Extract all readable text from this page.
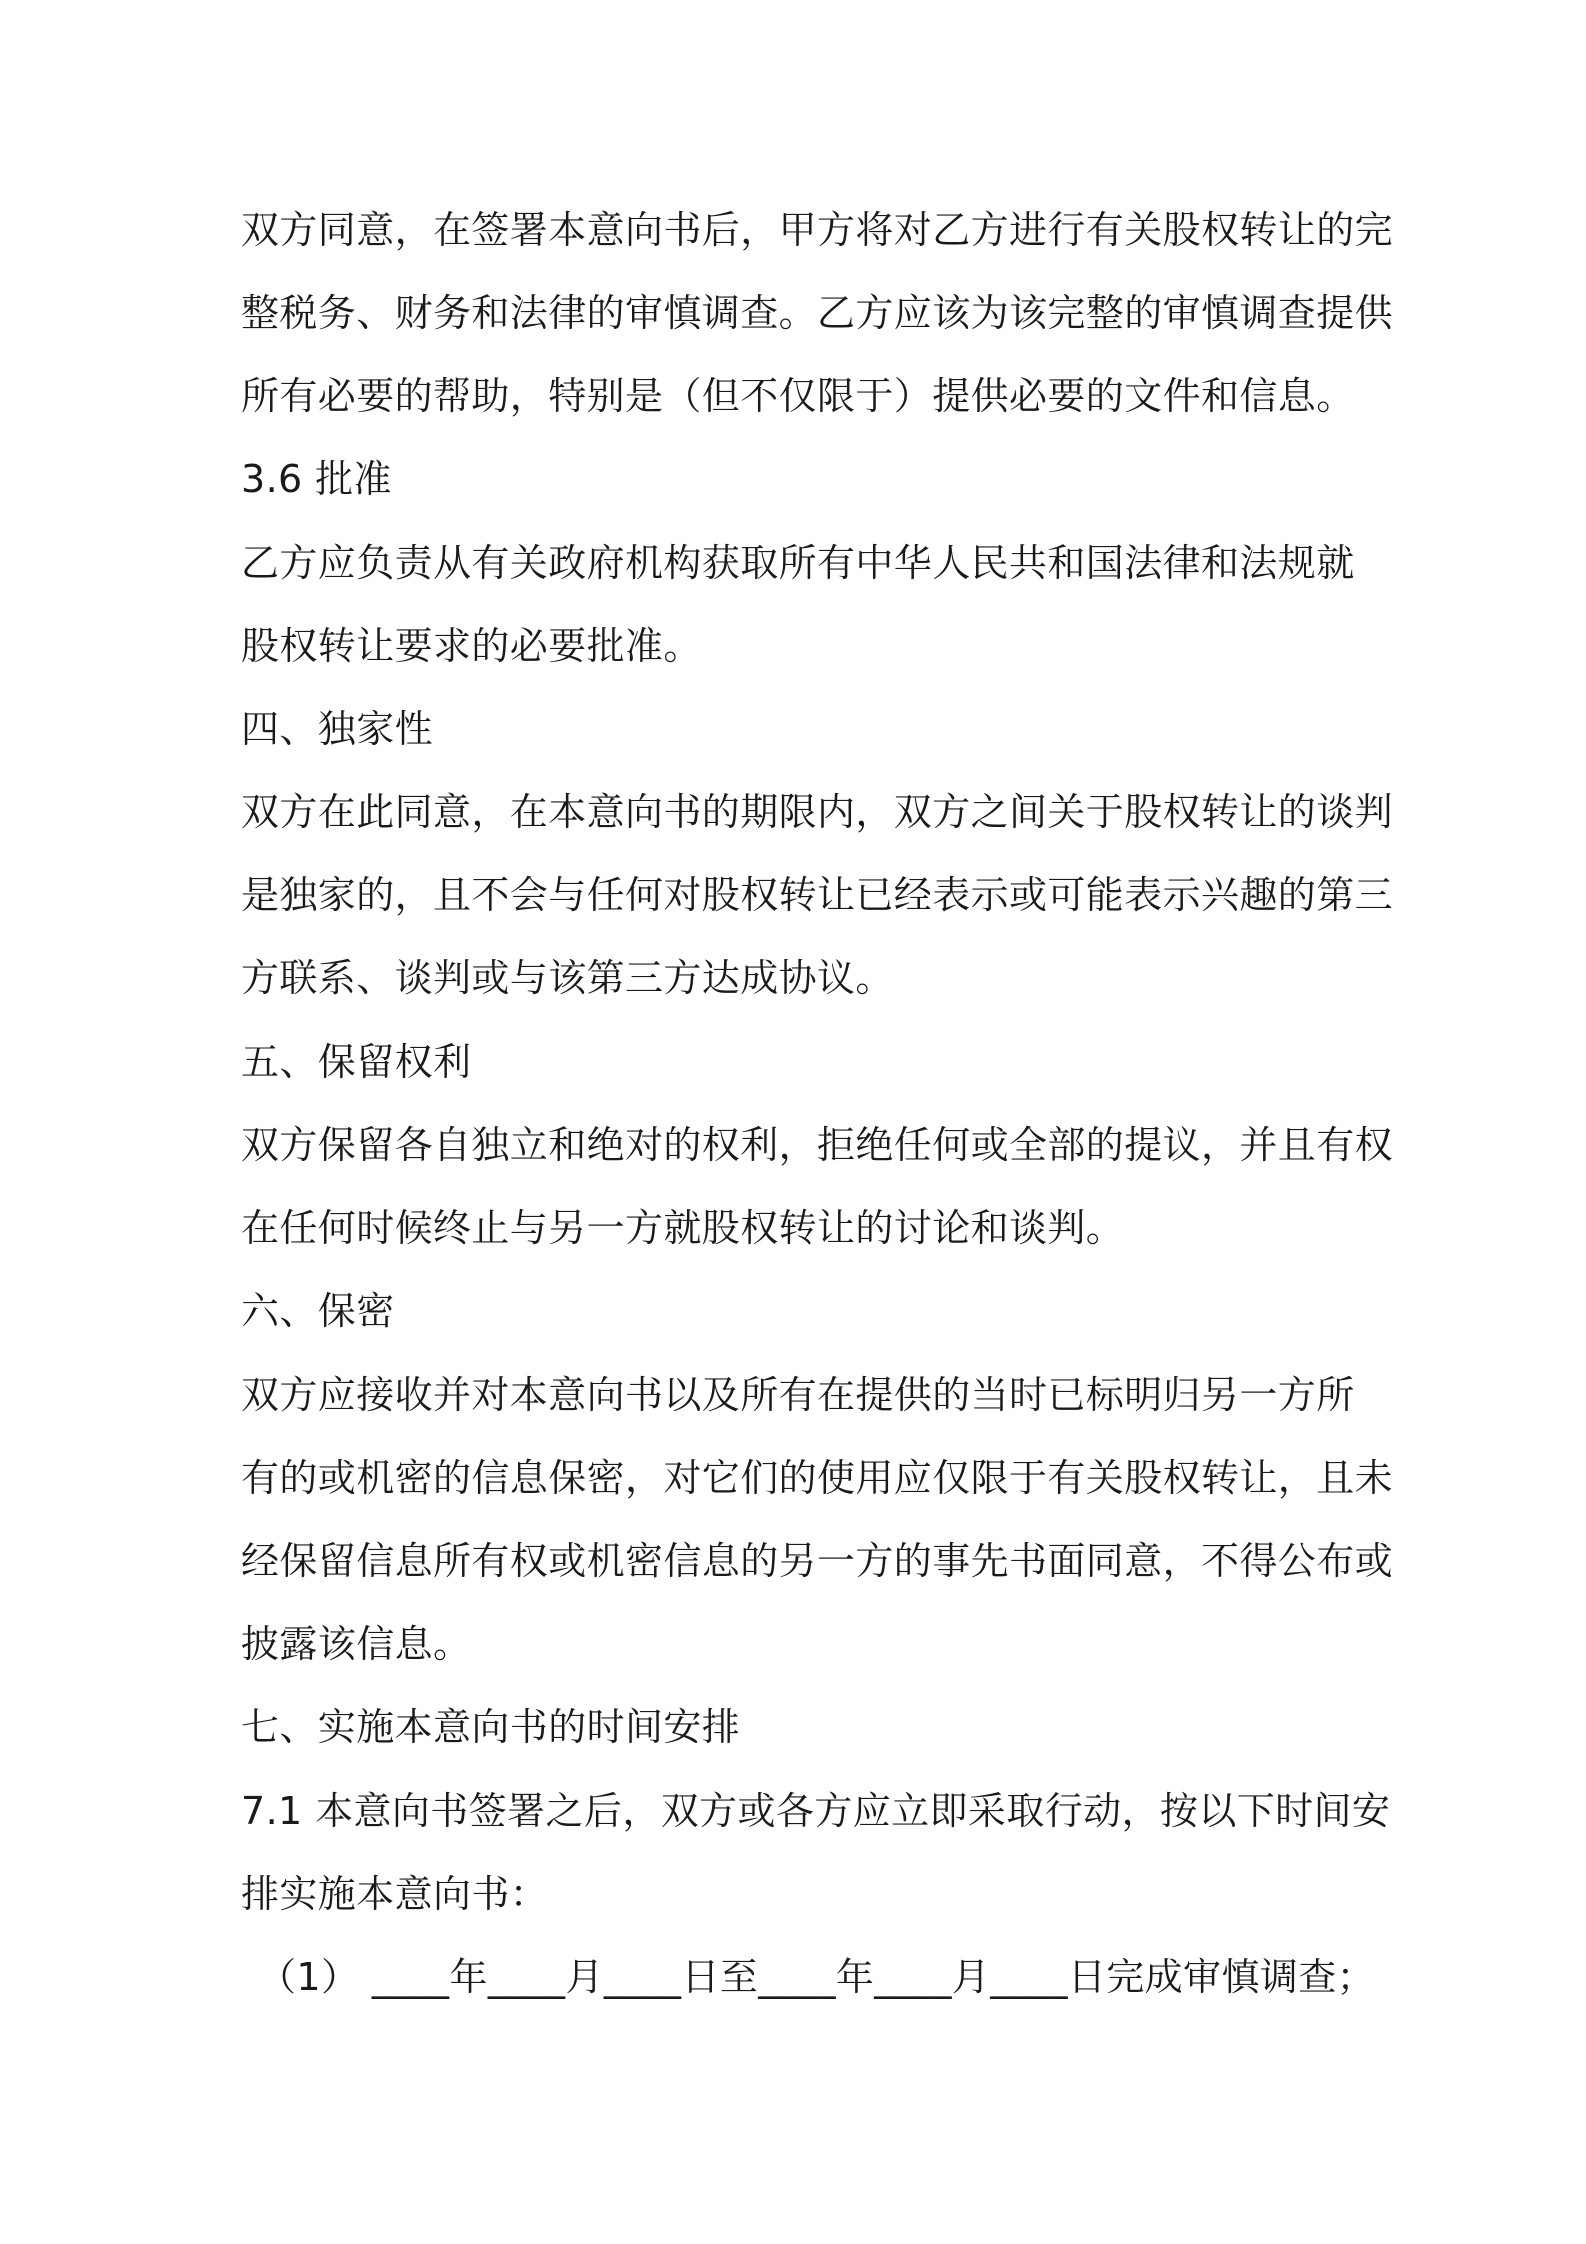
双方同意，在签署本意向书后，甲方将对乙方进行有关股权转让的完
整税务、财务和法律的审慎调查。乙方应该为该完整的审慎调查提供
所有必要的帮助，特别是（但不仅限于）提供必要的文件和信息。
3.6 批准
乙方应负责从有关政府机构获取所有中华人民共和国法律和法规就
股权转让要求的必要批准。
四、独家性
双方在此同意，在本意向书的期限内，双方之间关于股权转让的谈判
是独家的，且不会与任何对股权转让已经表示或可能表示兴趣的第三
方联系、谈判或与该第三方达成协议。
五、保留权利
双方保留各自独立和绝对的权利，拒绝任何或全部的提议，并且有权
在任何时候终止与另一方就股权转让的讨论和谈判。
六、保密
双方应接收并对本意向书以及所有在提供的当时已标明归另一方所
有的或机密的信息保密，对它们的使用应仅限于有关股权转让，且未
经保留信息所有权或机密信息的另一方的事先书面同意，不得公布或
披露该信息。
七、实施本意向书的时间安排
7.1 本意向书签署之后，双方或各方应立即采取行动，按以下时间安
排实施本意向书：
（1） ____年____月____日至____年____月____日完成审慎调查；
